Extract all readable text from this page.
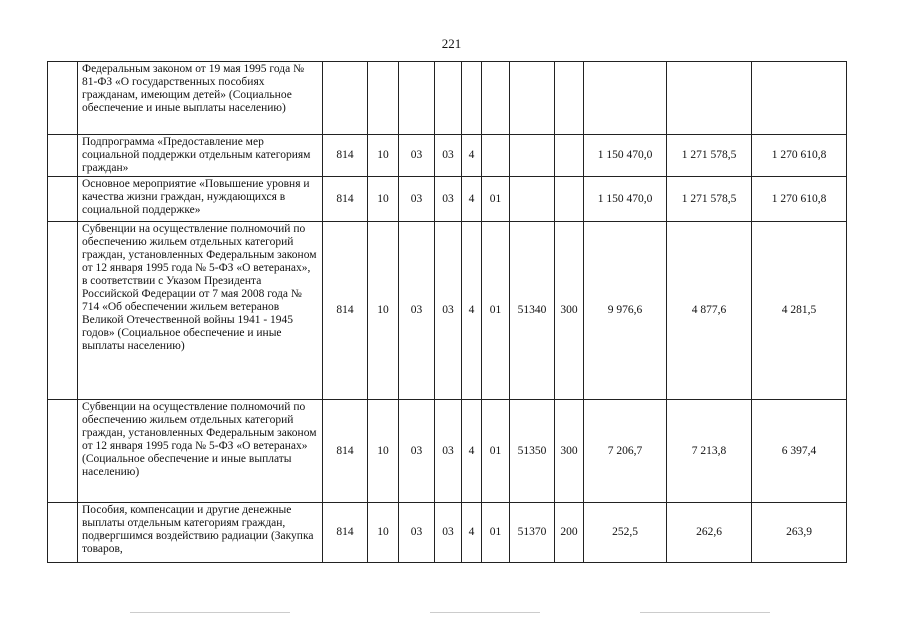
221
	Федеральным законом от 19 мая 1995 года № 81-ФЗ «О государственных пособиях гражданам, имеющим детей» (Социальное обеспечение и иные выплаты населению)											
	Подпрограмма «Предоставление мер социальной поддержки отдельным категориям граждан»	814	10	03	03	4				1 150 470,0	1 271 578,5	1 270 610,8
	Основное мероприятие «Повышение уровня и качества жизни граждан, нуждающихся в социальной поддержке»	814	10	03	03	4	01			1 150 470,0	1 271 578,5	1 270 610,8
	Субвенции на осуществление полномочий по обеспечению жильем отдельных категорий граждан, установленных Федеральным законом от 12 января 1995 года № 5-ФЗ «О ветеранах», в соответствии с Указом Президента Российской Федерации от 7 мая 2008 года № 714 «Об обеспечении жильем ветеранов Великой Отечественной войны 1941 - 1945 годов» (Социальное обеспечение и иные выплаты населению)	814	10	03	03	4	01	51340	300	9 976,6	4 877,6	4 281,5
	Субвенции на осуществление полномочий по обеспечению жильем отдельных категорий граждан, установленных Федеральным законом от 12 января 1995 года № 5-ФЗ «О ветеранах» (Социальное обеспечение и иные выплаты населению)	814	10	03	03	4	01	51350	300	7 206,7	7 213,8	6 397,4
	Пособия, компенсации и другие денежные выплаты отдельным категориям граждан, подвергшимся воздействию радиации (Закупка товаров,	814	10	03	03	4	01	51370	200	252,5	262,6	263,9
